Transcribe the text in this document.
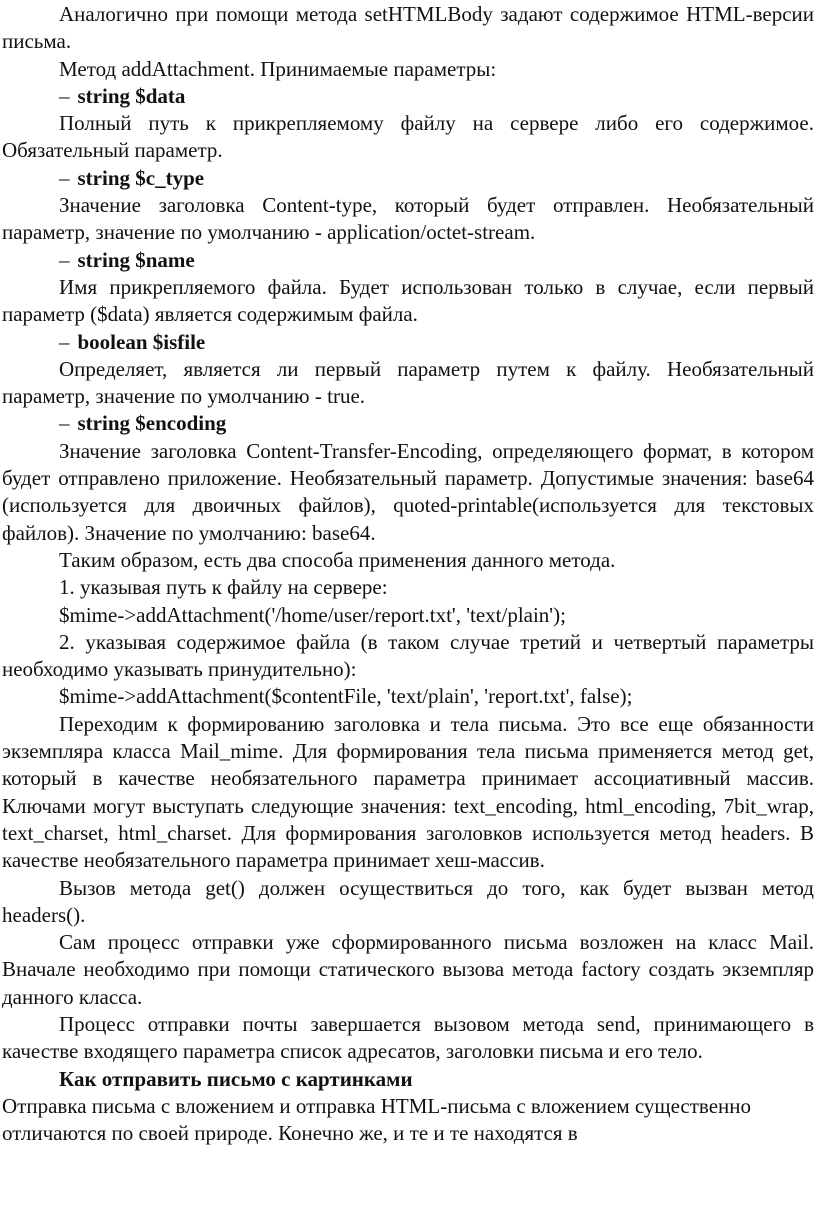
Аналогично при помощи метода setHTMLBody задают содержимое HTML-версии письма.

Метод addAttachment. Принимаемые параметры:

– string $data

Полный путь к прикрепляемому файлу на сервере либо его содержимое. Обязательный параметр.

– string $c_type

Значение заголовка Content-type, который будет отправлен. Необязательный параметр, значение по умолчанию - application/octet-stream.

– string $name

Имя прикрепляемого файла. Будет использован только в случае, если первый параметр ($data) является содержимым файла.

– boolean $isfile

Определяет, является ли первый параметр путем к файлу. Необязательный параметр, значение по умолчанию - true.

– string $encoding

Значение заголовка Content-Transfer-Encoding, определяющего формат, в котором будет отправлено приложение. Необязательный параметр. Допустимые значения: base64 (используется для двоичных файлов), quoted-printable(используется для текстовых файлов). Значение по умолчанию: base64.

Таким образом, есть два способа применения данного метода.

1. указывая путь к файлу на сервере:

$mime->addAttachment('/home/user/report.txt', 'text/plain');

2. указывая содержимое файла (в таком случае третий и четвертый параметры необходимо указывать принудительно):

$mime->addAttachment($contentFile, 'text/plain', 'report.txt', false);

Переходим к формированию заголовка и тела письма. Это все еще обязанности экземпляра класса Mail_mime. Для формирования тела письма применяется метод get, который в качестве необязательного параметра принимает ассоциативный массив. Ключами могут выступать следующие значения: text_encoding, html_encoding, 7bit_wrap, text_charset, html_charset. Для формирования заголовков используется метод headers. В качестве необязательного параметра принимает хеш-массив.

Вызов метода get() должен осуществиться до того, как будет вызван метод headers().

Сам процесс отправки уже сформированного письма возложен на класс Mail. Вначале необходимо при помощи статического вызова метода factory создать экземпляр данного класса.

Процесс отправки почты завершается вызовом метода send, принимающего в качестве входящего параметра список адресатов, заголовки письма и его тело.

Как отправить письмо с картинками

Отправка письма с вложением и отправка HTML-письма с вложением существенно отличаются по своей природе. Конечно же, и те и те находятся в
